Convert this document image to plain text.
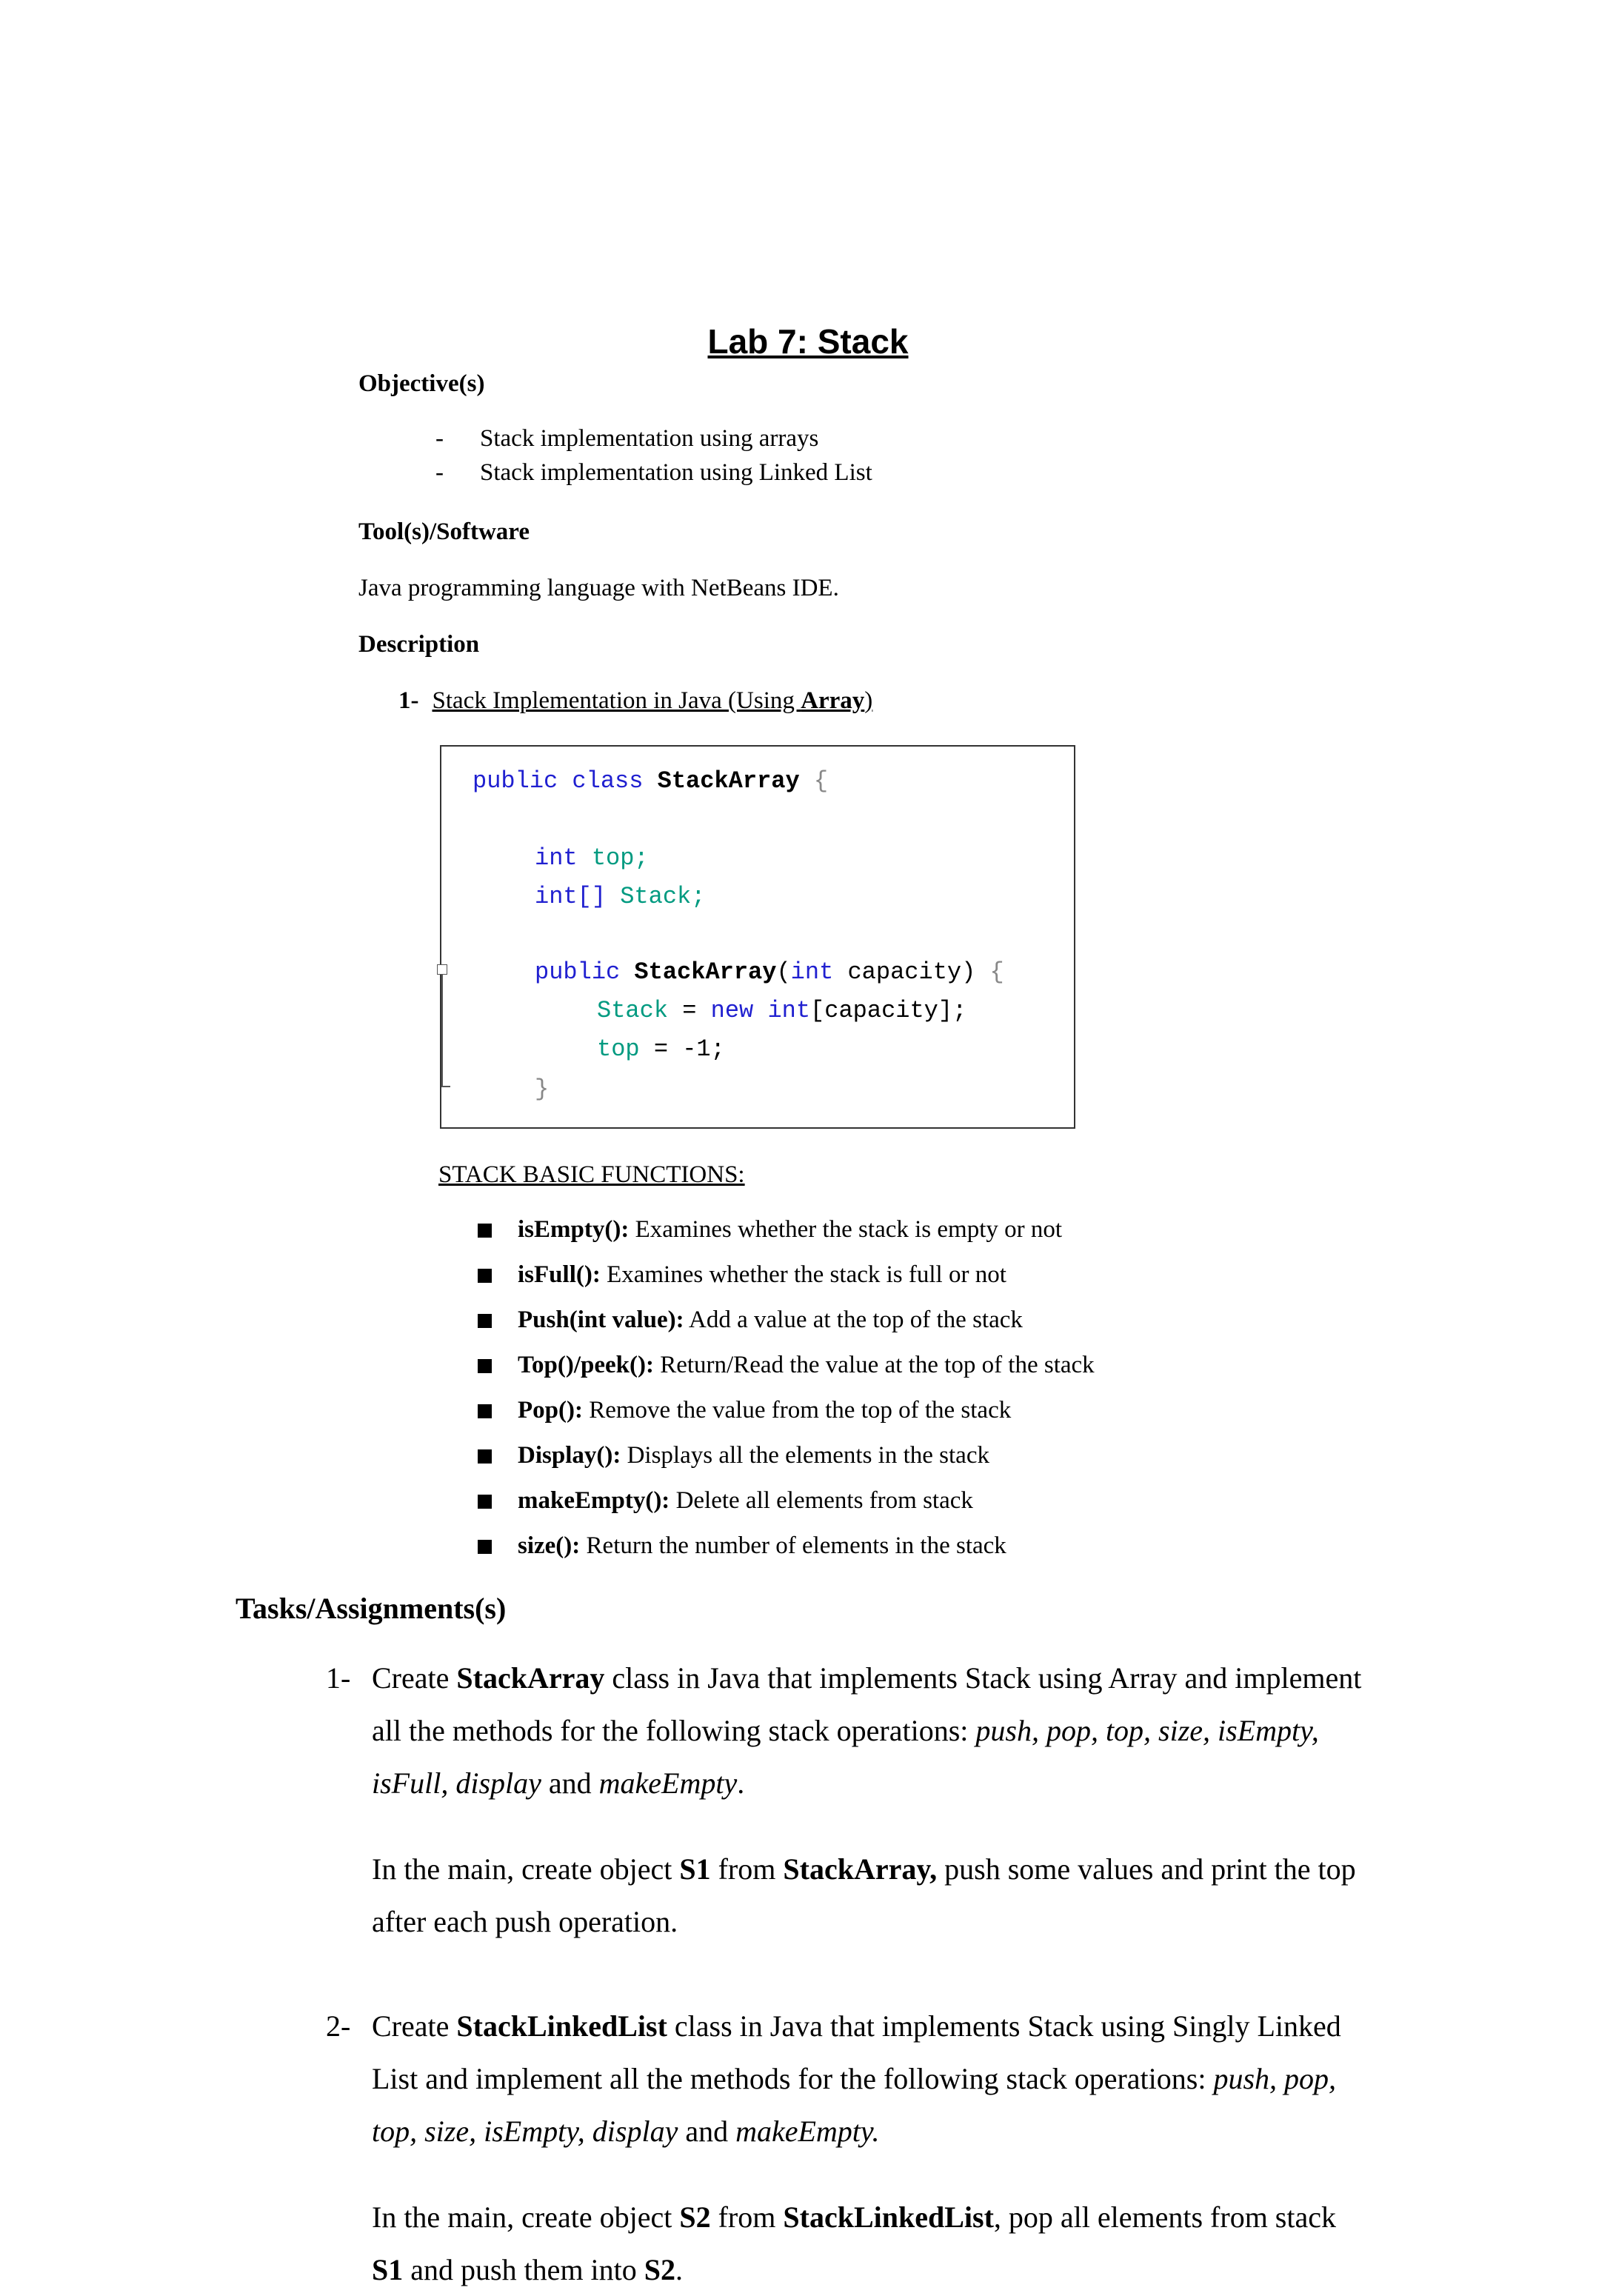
Lab 7: Stack
Objective(s)
- Stack implementation using arrays
- Stack implementation using Linked List
Tool(s)/Software
Java programming language with NetBeans IDE.
Description
1- Stack Implementation in Java (Using Array)
public class StackArray {
int top;
int[] Stack;
public StackArray(int capacity) {
Stack = new int[capacity];
top = -1;
}
STACK BASIC FUNCTIONS:
isEmpty(): Examines whether the stack is empty or not
isFull(): Examines whether the stack is full or not
Push(int value): Add a value at the top of the stack
Top()/peek(): Return/Read the value at the top of the stack
Pop(): Remove the value from the top of the stack
Display(): Displays all the elements in the stack
makeEmpty(): Delete all elements from stack
size(): Return the number of elements in the stack
Tasks/Assignments(s)
1- Create StackArray class in Java that implements Stack using Array and implement all the methods for the following stack operations: push, pop, top, size, isEmpty, isFull, display and makeEmpty.
In the main, create object S1 from StackArray, push some values and print the top after each push operation.
2- Create StackLinkedList class in Java that implements Stack using Singly Linked List and implement all the methods for the following stack operations: push, pop, top, size, isEmpty, display and makeEmpty.
In the main, create object S2 from StackLinkedList, pop all elements from stack S1 and push them into S2.
